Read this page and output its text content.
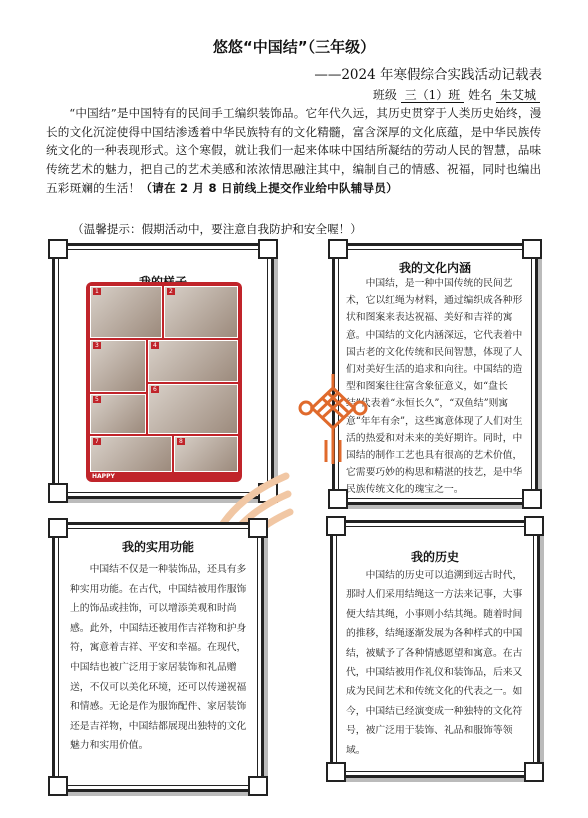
悠悠“中国结”（三年级）
——2024 年寒假综合实践活动记载表
班级 三（1）班 姓名 朱艾城
“中国结”是中国特有的民间手工编织装饰品。它年代久远，其历史贯穿于人类历史始终，漫长的文化沉淀使得中国结渗透着中华民族特有的文化精髓，富含深厚的文化底蕴，是中华民族传统文化的一种表现形式。这个寒假，就让我们一起来体味中国结所凝结的劳动人民的智慧，品味传统艺术的魅力，把自己的艺术美感和浓浓情思融注其中，编制自己的情感、祝福，同时也编出五彩斑斓的生活！（请在 2 月 8 日前线上提交作业给中队辅导员）
（温馨提示：假期活动中，要注意自我防护和安全喔！）
1	2
3	4
5
6
7	8
HAPPY
我的文化内涵
中国结，是一种中国传统的民间艺术，它以红绳为材料，通过编织成各种形状和图案来表达祝福、美好和吉祥的寓意。中国结的文化内涵深远，它代表着中国古老的文化传统和民间智慧，体现了人们对美好生活的追求和向往。中国结的造型和图案往往富含象征意义，如“盘长结”代表着“永恒长久”，“双鱼结”则寓意“年年有余”，这些寓意体现了人们对生活的热爱和对未来的美好期许。同时，中国结的制作工艺也具有很高的艺术价值，它需要巧妙的构思和精湛的技艺，是中华民族传统文化的瑰宝之一。
我的实用功能
中国结不仅是一种装饰品，还具有多种实用功能。在古代，中国结被用作服饰上的饰品或挂饰，可以增添美观和时尚感。此外，中国结还被用作吉祥物和护身符，寓意着吉祥、平安和幸福。在现代，中国结也被广泛用于家居装饰和礼品赠送，不仅可以美化环境，还可以传递祝福和情感。无论是作为服饰配件、家居装饰还是吉祥物，中国结都展现出独特的文化魅力和实用价值。
我的历史
中国结的历史可以追溯到远古时代，那时人们采用结绳这一方法来记事，大事便大结其绳，小事则小结其绳。随着时间的推移，结绳逐渐发展为各种样式的中国结，被赋予了各种情感愿望和寓意。在古代，中国结被用作礼仪和装饰品，后来又成为民间艺术和传统文化的代表之一。如今，中国结已经演变成一种独特的文化符号，被广泛用于装饰、礼品和服饰等领域。
